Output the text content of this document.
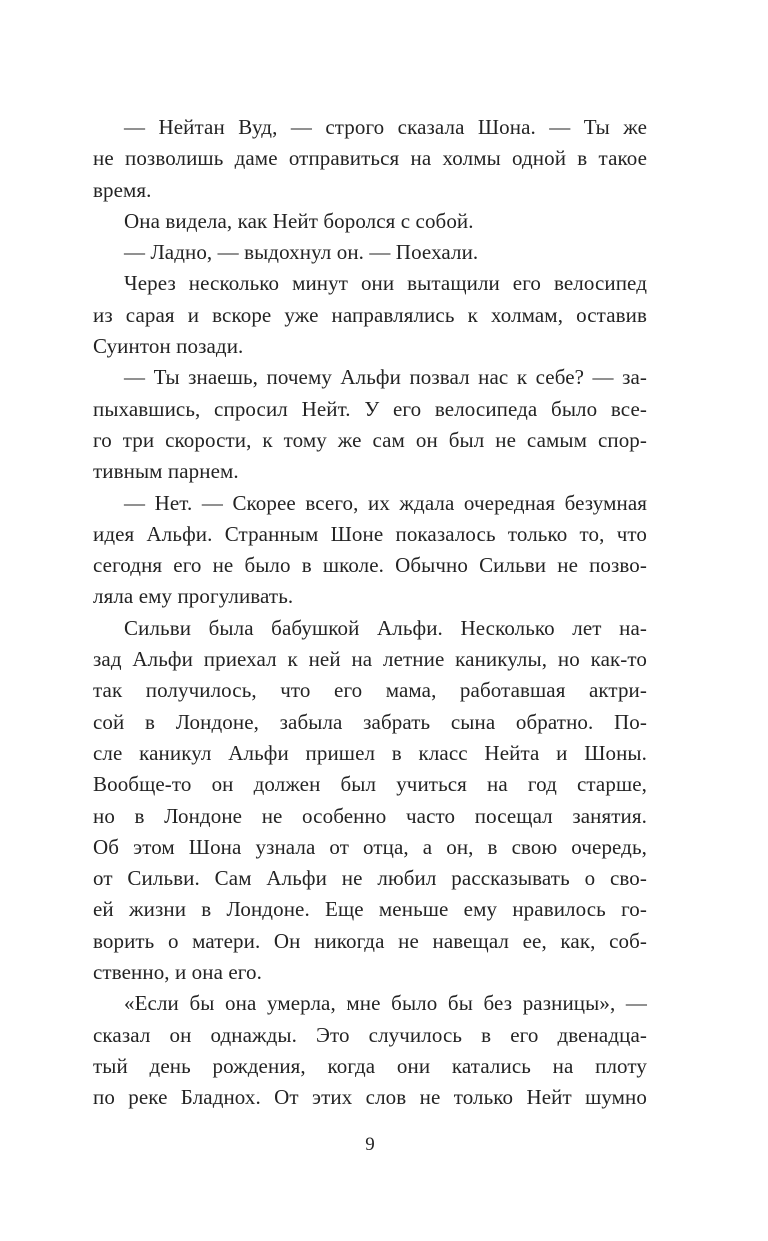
— Нейтан Вуд, — строго сказала Шона. — Ты же
не позволишь даме отправиться на холмы одной в такое
время.
Она видела, как Нейт боролся с собой.
— Ладно, — выдохнул он. — Поехали.
Через несколько минут они вытащили его велосипед
из сарая и вскоре уже направлялись к холмам, оставив
Суинтон позади.
— Ты знаешь, почему Альфи позвал нас к себе? — за-
пыхавшись, спросил Нейт. У его велосипеда было все-
го три скорости, к тому же сам он был не самым спор-
тивным парнем.
— Нет. — Скорее всего, их ждала очередная безумная
идея Альфи. Странным Шоне показалось только то, что
сегодня его не было в школе. Обычно Сильви не позво-
ляла ему прогуливать.
Сильви была бабушкой Альфи. Несколько лет на-
зад Альфи приехал к ней на летние каникулы, но как-то
так получилось, что его мама, работавшая актри-
сой в Лондоне, забыла забрать сына обратно. По-
сле каникул Альфи пришел в класс Нейта и Шоны.
Вообще-то он должен был учиться на год старше,
но в Лондоне не особенно часто посещал занятия.
Об этом Шона узнала от отца, а он, в свою очередь,
от Сильви. Сам Альфи не любил рассказывать о сво-
ей жизни в Лондоне. Еще меньше ему нравилось го-
ворить о матери. Он никогда не навещал ее, как, соб-
ственно, и она его.
«Если бы она умерла, мне было бы без разницы», —
сказал он однажды. Это случилось в его двенадца-
тый день рождения, когда они катались на плоту
по реке Бладнох. От этих слов не только Нейт шумно
9
